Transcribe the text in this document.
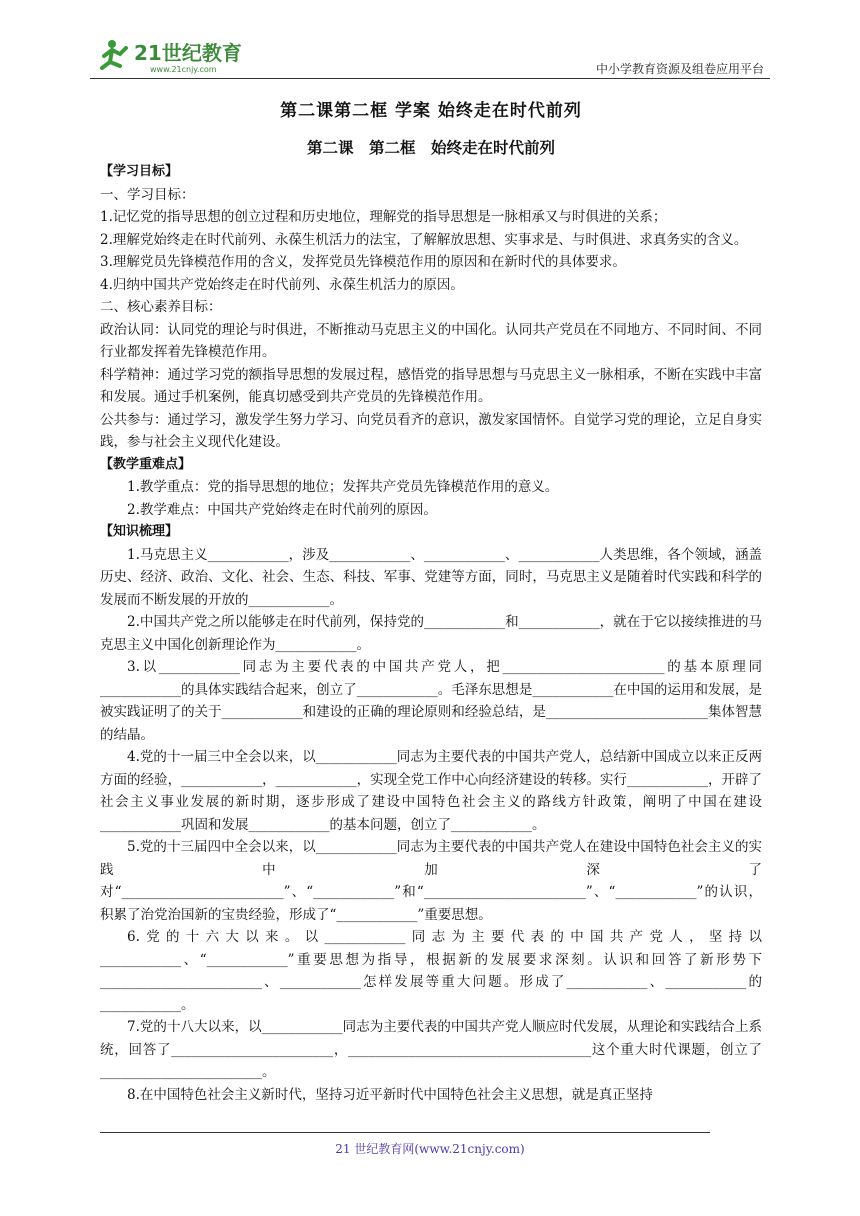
21世纪教育
www.21cnjy.com	中小学教育资源及组卷应用平台
第二课第二框 学案 始终走在时代前列
第二课　第二框　始终走在时代前列

【学习目标】

一、学习目标：

1.记忆党的指导思想的创立过程和历史地位，理解党的指导思想是一脉相承又与时俱进的关系；

2.理解党始终走在时代前列、永葆生机活力的法宝，了解解放思想、实事求是、与时俱进、求真务实的含义。

3.理解党员先锋模范作用的含义，发挥党员先锋模范作用的原因和在新时代的具体要求。

4.归纳中国共产党始终走在时代前列、永葆生机活力的原因。

二、核心素养目标：

政治认同：认同党的理论与时俱进，不断推动马克思主义的中国化。认同共产党员在不同地方、不同时间、不同行业都发挥着先锋模范作用。

科学精神：通过学习党的额指导思想的发展过程，感悟党的指导思想与马克思主义一脉相承，不断在实践中丰富和发展。通过手机案例，能真切感受到共产党员的先锋模范作用。

公共参与：通过学习，激发学生努力学习、向党员看齐的意识，激发家国情怀。自觉学习党的理论，立足自身实践，参与社会主义现代化建设。

【教学重难点】

1.教学重点：党的指导思想的地位；发挥共产党员先锋模范作用的意义。

2.教学难点：中国共产党始终走在时代前列的原因。

【知识梳理】

1.马克思主义____________，涉及____________、____________、____________人类思维，各个领域，涵盖历史、经济、政治、文化、社会、生态、科技、军事、党建等方面，同时，马克思主义是随着时代实践和科学的发展而不断发展的开放的____________。

2.中国共产党之所以能够走在时代前列，保持党的____________和____________，就在于它以接续推进的马克思主义中国化创新理论作为____________。

3.以____________同志为主要代表的中国共产党人，把________________________的基本原理同____________的具体实践结合起来，创立了____________。毛泽东思想是____________在中国的运用和发展，是被实践证明了的关于____________和建设的正确的理论原则和经验总结，是________________________集体智慧的结晶。

4.党的十一届三中全会以来，以____________同志为主要代表的中国共产党人，总结新中国成立以来正反两方面的经验，____________，____________，实现全党工作中心向经济建设的转移。实行____________，开辟了社会主义事业发展的新时期，逐步形成了建设中国特色社会主义的路线方针政策，阐明了中国在建设____________巩固和发展____________的基本问题，创立了____________。

5.党的十三届四中全会以来，以____________同志为主要代表的中国共产党人在建设中国特色社会主义的实践中加深了对“________________________”、“____________”和“________________________”、“____________”的认识，积累了治党治国新的宝贵经验，形成了“____________”重要思想。

6.党的十六大以来。以____________同志为主要代表的中国共产党人，坚持以____________、“____________”重要思想为指导，根据新的发展要求深刻。认识和回答了新形势下________________________、____________怎样发展等重大问题。形成了____________、____________的____________。

7.党的十八大以来，以____________同志为主要代表的中国共产党人顺应时代发展，从理论和实践结合上系统，回答了________________________，____________________________________这个重大时代课题，创立了________________________。

8.在中国特色社会主义新时代，坚持习近平新时代中国特色社会主义思想，就是真正坚持

21 世纪教育网(www.21cnjy.com)
